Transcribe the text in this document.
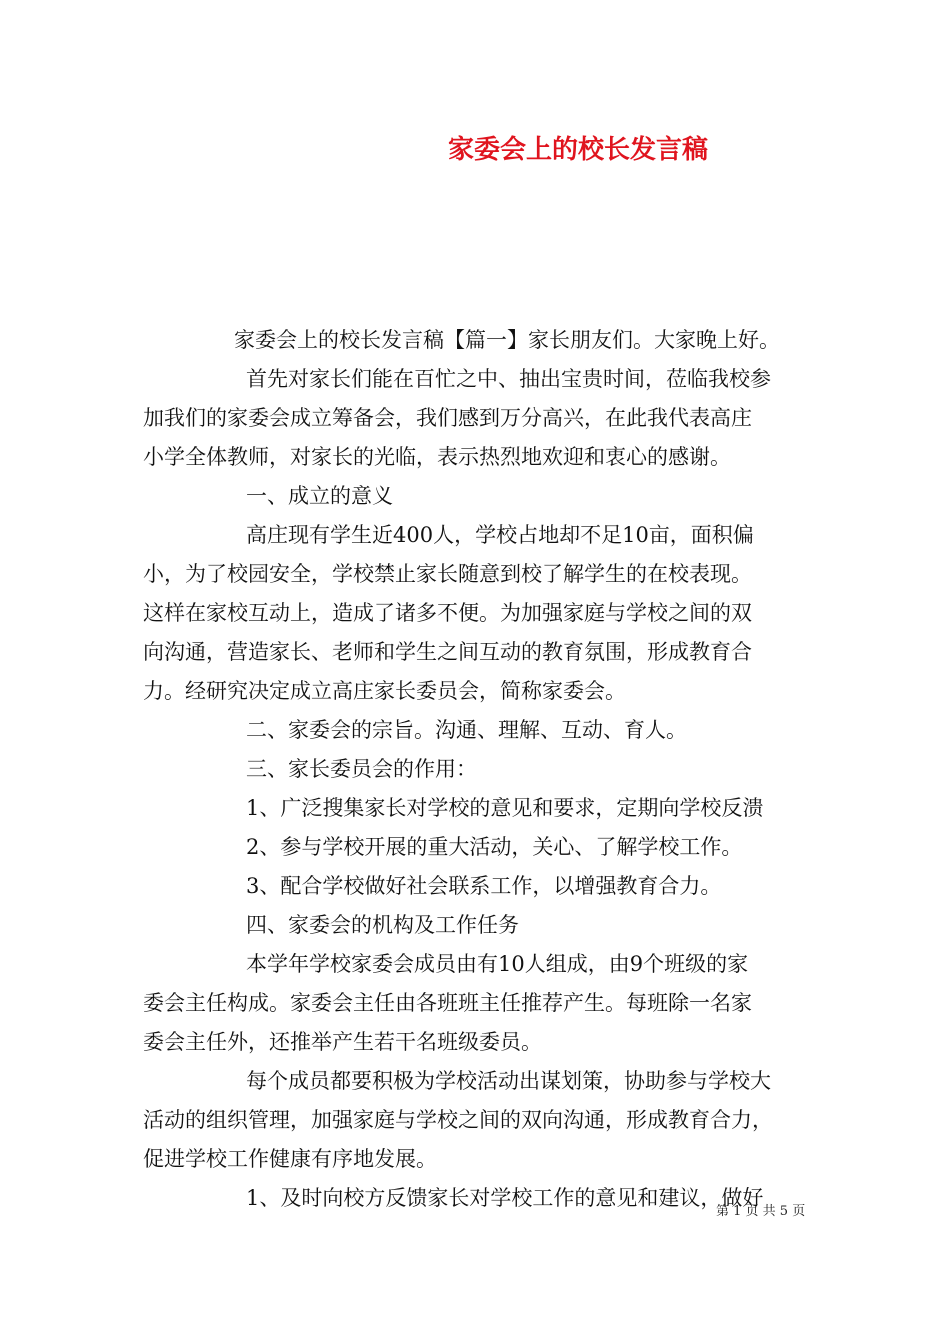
家委会上的校长发言稿
家委会上的校长发言稿【篇一】家长朋友们。大家晚上好。
首先对家长们能在百忙之中、抽出宝贵时间，莅临我校参
加我们的家委会成立筹备会，我们感到万分高兴，在此我代表高庄
小学全体教师，对家长的光临，表示热烈地欢迎和衷心的感谢。
一、成立的意义
高庄现有学生近400人，学校占地却不足10亩，面积偏
小，为了校园安全，学校禁止家长随意到校了解学生的在校表现。
这样在家校互动上，造成了诸多不便。为加强家庭与学校之间的双
向沟通，营造家长、老师和学生之间互动的教育氛围，形成教育合
力。经研究决定成立高庄家长委员会，简称家委会。
二、家委会的宗旨。沟通、理解、互动、育人。
三、家长委员会的作用：
1、广泛搜集家长对学校的意见和要求，定期向学校反溃
2、参与学校开展的重大活动，关心、了解学校工作。
3、配合学校做好社会联系工作，以增强教育合力。
四、家委会的机构及工作任务
本学年学校家委会成员由有10人组成，由9个班级的家
委会主任构成。家委会主任由各班班主任推荐产生。每班除一名家
委会主任外，还推举产生若干名班级委员。
每个成员都要积极为学校活动出谋划策，协助参与学校大
活动的组织管理，加强家庭与学校之间的双向沟通，形成教育合力，
促进学校工作健康有序地发展。
1、及时向校方反馈家长对学校工作的意见和建议，做好
第 1 页 共 5 页
